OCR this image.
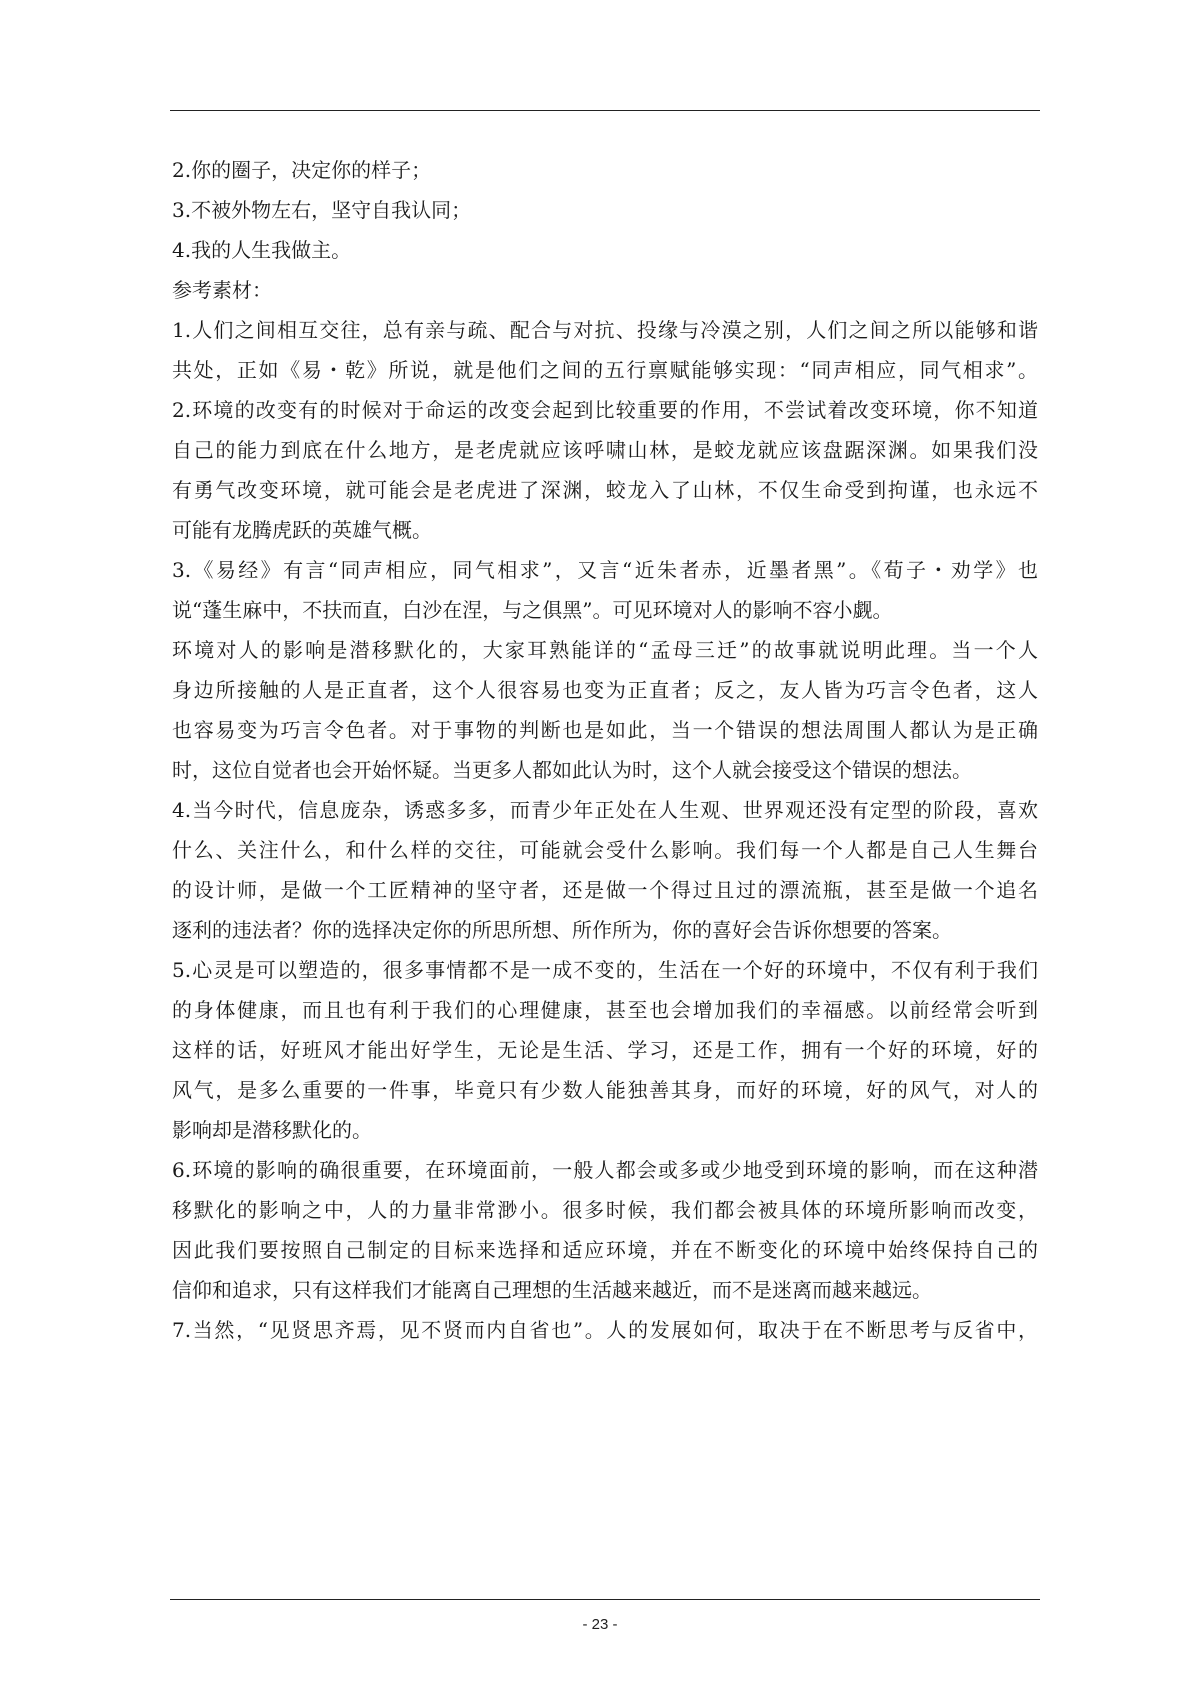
2.你的圈子，决定你的样子；
3.不被外物左右，坚守自我认同；
4.我的人生我做主。
参考素材：
1.人们之间相互交往，总有亲与疏、配合与对抗、投缘与冷漠之别，人们之间之所以能够和谐
共处，正如《易・乾》所说，就是他们之间的五行禀赋能够实现：“同声相应，同气相求”。
2.环境的改变有的时候对于命运的改变会起到比较重要的作用，不尝试着改变环境，你不知道
自己的能力到底在什么地方，是老虎就应该呼啸山林，是蛟龙就应该盘踞深渊。如果我们没
有勇气改变环境，就可能会是老虎进了深渊，蛟龙入了山林，不仅生命受到拘谨，也永远不
可能有龙腾虎跃的英雄气概。
3.《易经》有言“同声相应，同气相求”，又言“近朱者赤，近墨者黑”。《荀子・劝学》也
说“蓬生麻中，不扶而直，白沙在涅，与之俱黑”。可见环境对人的影响不容小觑。
环境对人的影响是潜移默化的，大家耳熟能详的“孟母三迁”的故事就说明此理。当一个人
身边所接触的人是正直者，这个人很容易也变为正直者；反之，友人皆为巧言令色者，这人
也容易变为巧言令色者。对于事物的判断也是如此，当一个错误的想法周围人都认为是正确
时，这位自觉者也会开始怀疑。当更多人都如此认为时，这个人就会接受这个错误的想法。
4.当今时代，信息庞杂，诱惑多多，而青少年正处在人生观、世界观还没有定型的阶段，喜欢
什么、关注什么，和什么样的交往，可能就会受什么影响。我们每一个人都是自己人生舞台
的设计师，是做一个工匠精神的坚守者，还是做一个得过且过的漂流瓶，甚至是做一个追名
逐利的违法者？你的选择决定你的所思所想、所作所为，你的喜好会告诉你想要的答案。
5.心灵是可以塑造的，很多事情都不是一成不变的，生活在一个好的环境中，不仅有利于我们
的身体健康，而且也有利于我们的心理健康，甚至也会增加我们的幸福感。以前经常会听到
这样的话，好班风才能出好学生，无论是生活、学习，还是工作，拥有一个好的环境，好的
风气，是多么重要的一件事，毕竟只有少数人能独善其身，而好的环境，好的风气，对人的
影响却是潜移默化的。
6.环境的影响的确很重要，在环境面前，一般人都会或多或少地受到环境的影响，而在这种潜
移默化的影响之中，人的力量非常渺小。很多时候，我们都会被具体的环境所影响而改变，
因此我们要按照自己制定的目标来选择和适应环境，并在不断变化的环境中始终保持自己的
信仰和追求，只有这样我们才能离自己理想的生活越来越近，而不是迷离而越来越远。
7.当然，“见贤思齐焉，见不贤而内自省也”。人的发展如何，取决于在不断思考与反省中，
- 23 -
